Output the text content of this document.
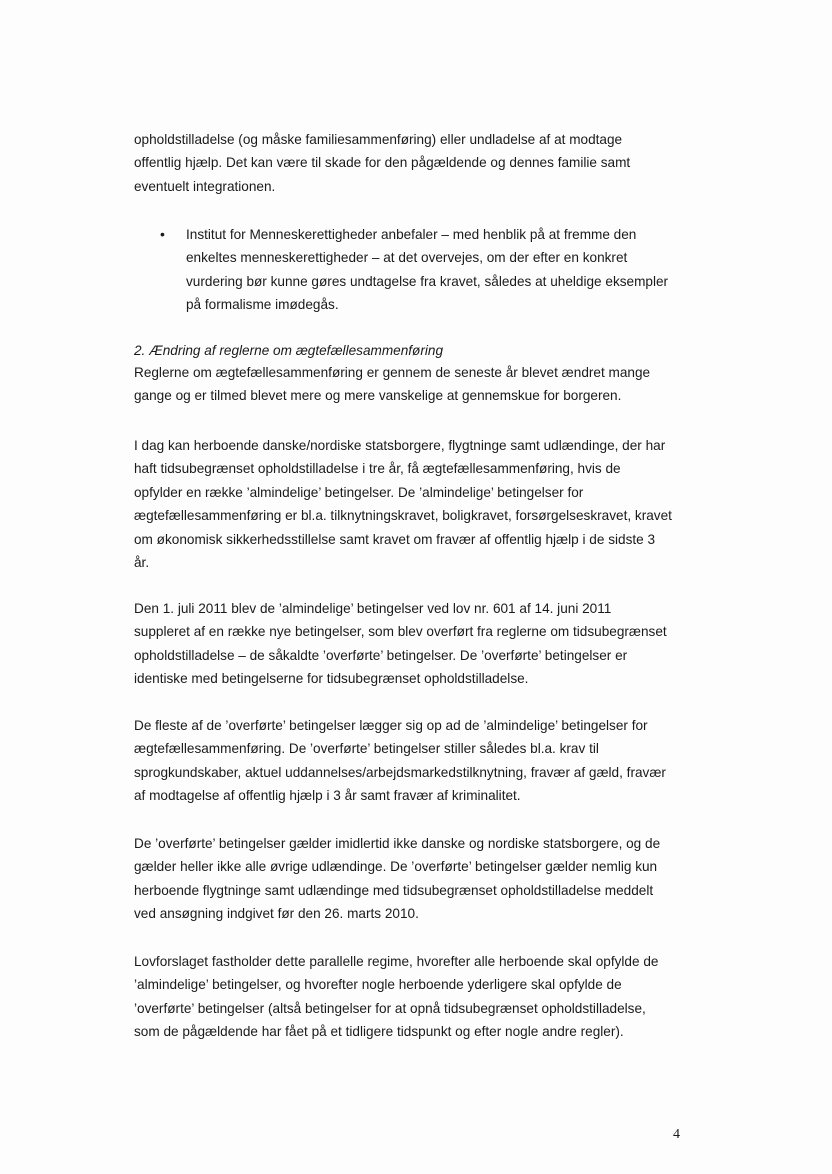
opholdstilladelse (og måske familiesammenføring) eller undladelse af at modtage
offentlig hjælp. Det kan være til skade for den pågældende og dennes familie samt
eventuelt integrationen.

• Institut for Menneskerettigheder anbefaler – med henblik på at fremme den
enkeltes menneskerettigheder – at det overvejes, om der efter en konkret
vurdering bør kunne gøres undtagelse fra kravet, således at uheldige eksempler
på formalisme imødegås.
2. Ændring af reglerne om ægtefællesammenføring

Reglerne om ægtefællesammenføring er gennem de seneste år blevet ændret mange
gange og er tilmed blevet mere og mere vanskelige at gennemskue for borgeren.

I dag kan herboende danske/nordiske statsborgere, flygtninge samt udlændinge, der har
haft tidsubegrænset opholdstilladelse i tre år, få ægtefællesammenføring, hvis de
opfylder en række ’almindelige’ betingelser. De ’almindelige’ betingelser for
ægtefællesammenføring er bl.a. tilknytningskravet, boligkravet, forsørgelseskravet, kravet
om økonomisk sikkerhedsstillelse samt kravet om fravær af offentlig hjælp i de sidste 3
år.

Den 1. juli 2011 blev de ’almindelige’ betingelser ved lov nr. 601 af 14. juni 2011
suppleret af en række nye betingelser, som blev overført fra reglerne om tidsubegrænset
opholdstilladelse – de såkaldte ’overførte’ betingelser. De ’overførte’ betingelser er
identiske med betingelserne for tidsubegrænset opholdstilladelse.

De fleste af de ’overførte’ betingelser lægger sig op ad de ’almindelige’ betingelser for
ægtefællesammenføring. De ’overførte’ betingelser stiller således bl.a. krav til
sprogkundskaber, aktuel uddannelses/arbejdsmarkedstilknytning, fravær af gæld, fravær
af modtagelse af offentlig hjælp i 3 år samt fravær af kriminalitet.

De ’overførte’ betingelser gælder imidlertid ikke danske og nordiske statsborgere, og de
gælder heller ikke alle øvrige udlændinge. De ’overførte’ betingelser gælder nemlig kun
herboende flygtninge samt udlændinge med tidsubegrænset opholdstilladelse meddelt
ved ansøgning indgivet før den 26. marts 2010.

Lovforslaget fastholder dette parallelle regime, hvorefter alle herboende skal opfylde de
’almindelige’ betingelser, og hvorefter nogle herboende yderligere skal opfylde de
’overførte’ betingelser (altså betingelser for at opnå tidsubegrænset opholdstilladelse,
som de pågældende har fået på et tidligere tidspunkt og efter nogle andre regler).

4
